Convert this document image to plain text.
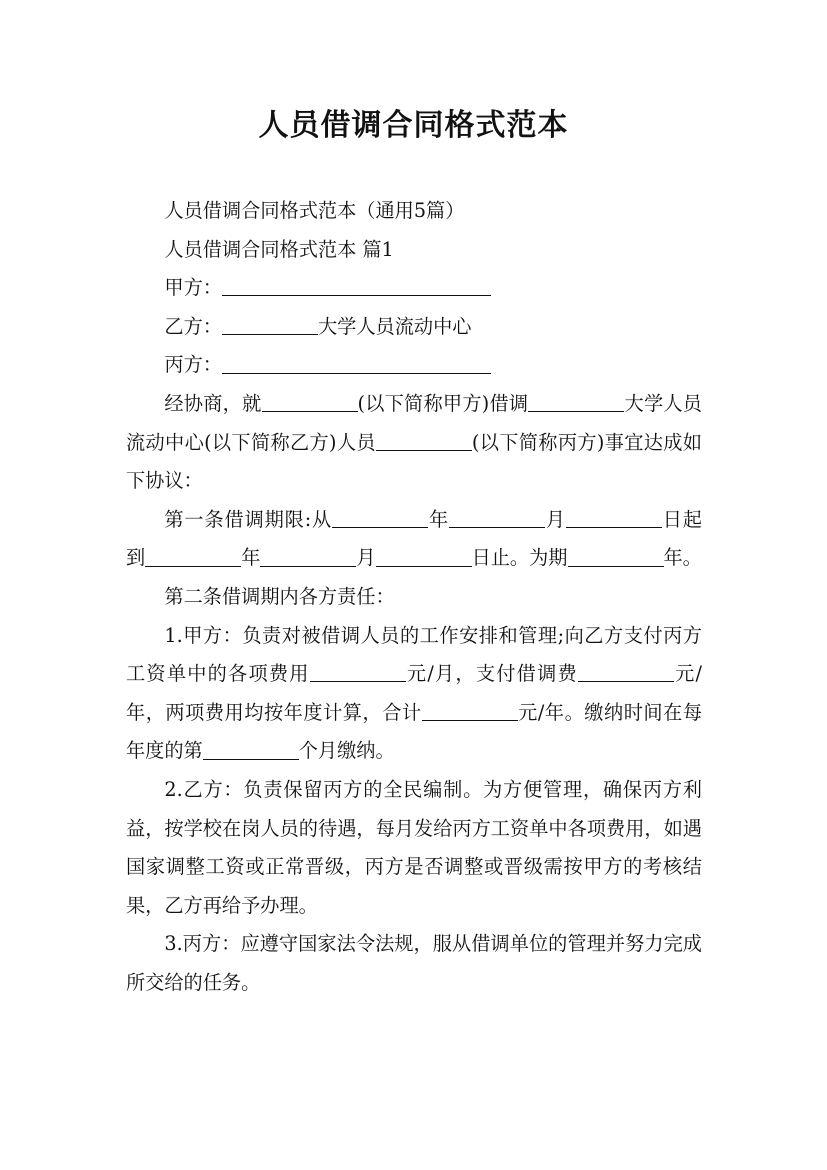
人员借调合同格式范本

人员借调合同格式范本（通用5篇）

人员借调合同格式范本 篇1

甲方：

乙方：	大学人员流动中心

丙方：

经协商，就	(以下简称甲方)借调	大学人员流动中心(以下简称乙方)人员	(以下简称丙方)事宜达成如下协议：

第一条借调期限:从	年	月	日起到	年	月	日止。为期	年。

第二条借调期内各方责任：

1.甲方：负责对被借调人员的工作安排和管理;向乙方支付丙方工资单中的各项费用	元/月，支付借调费	元/年，两项费用均按年度计算，合计	元/年。缴纳时间在每年度的第	个月缴纳。

2.乙方：负责保留丙方的全民编制。为方便管理，确保丙方利益，按学校在岗人员的待遇，每月发给丙方工资单中各项费用，如遇国家调整工资或正常晋级，丙方是否调整或晋级需按甲方的考核结果，乙方再给予办理。

3.丙方：应遵守国家法令法规，服从借调单位的管理并努力完成所交给的任务。
